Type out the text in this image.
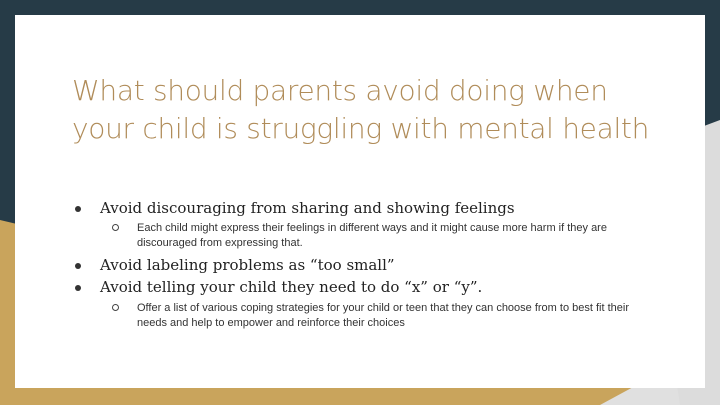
What should parents avoid doing when
your child is struggling with mental health
Avoid discouraging from sharing and showing feelings
Each child might express their feelings in different ways and it might cause more harm if they are discouraged from expressing that.
Avoid labeling problems as “too small”
Avoid telling your child they need to do “x” or “y”.
Offer a list of various coping strategies for your child or teen that they can choose from to best fit their needs and help to empower and reinforce their choices
